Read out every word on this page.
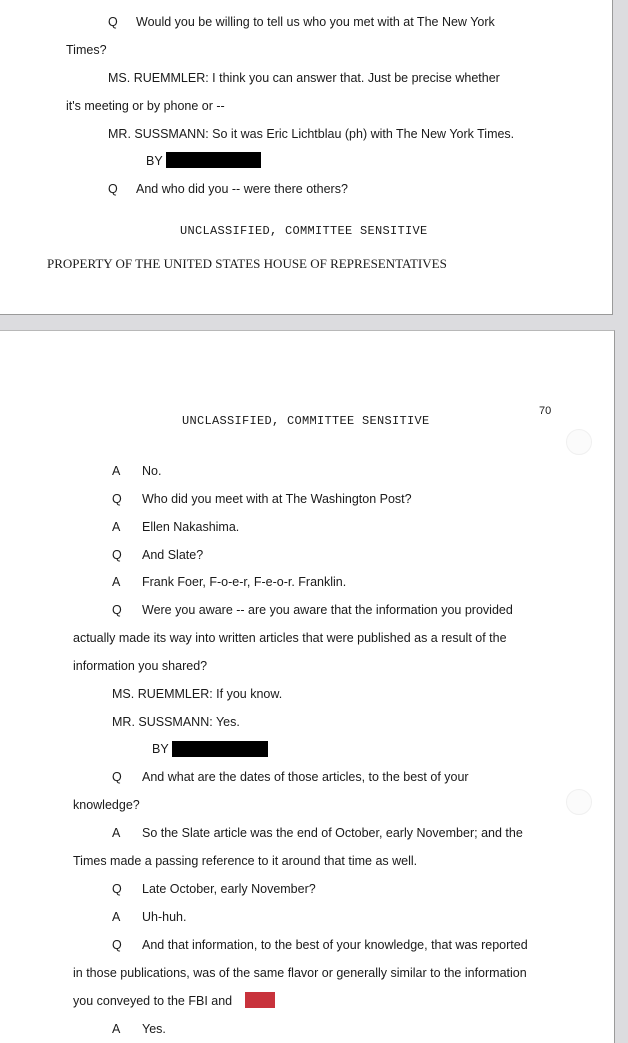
Q Would you be willing to tell us who you met with at The New York
Times?
MS. RUEMMLER: I think you can answer that. Just be precise whether
it's meeting or by phone or --
MR. SUSSMANN: So it was Eric Lichtblau (ph) with The New York Times.
BY
Q And who did you -- were there others?
UNCLASSIFIED, COMMITTEE SENSITIVE
PROPERTY OF THE UNITED STATES HOUSE OF REPRESENTATIVES
70
UNCLASSIFIED, COMMITTEE SENSITIVE
A No.
Q Who did you meet with at The Washington Post?
A Ellen Nakashima.
Q And Slate?
A Frank Foer, F-o-e-r, F-e-o-r. Franklin.
Q Were you aware -- are you aware that the information you provided
actually made its way into written articles that were published as a result of the
information you shared?
MS. RUEMMLER: If you know.
MR. SUSSMANN: Yes.
BY
Q And what are the dates of those articles, to the best of your
knowledge?
A So the Slate article was the end of October, early November; and the
Times made a passing reference to it around that time as well.
Q Late October, early November?
A Uh-huh.
Q And that information, to the best of your knowledge, that was reported
in those publications, was of the same flavor or generally similar to the information
you conveyed to the FBI and
A Yes.
